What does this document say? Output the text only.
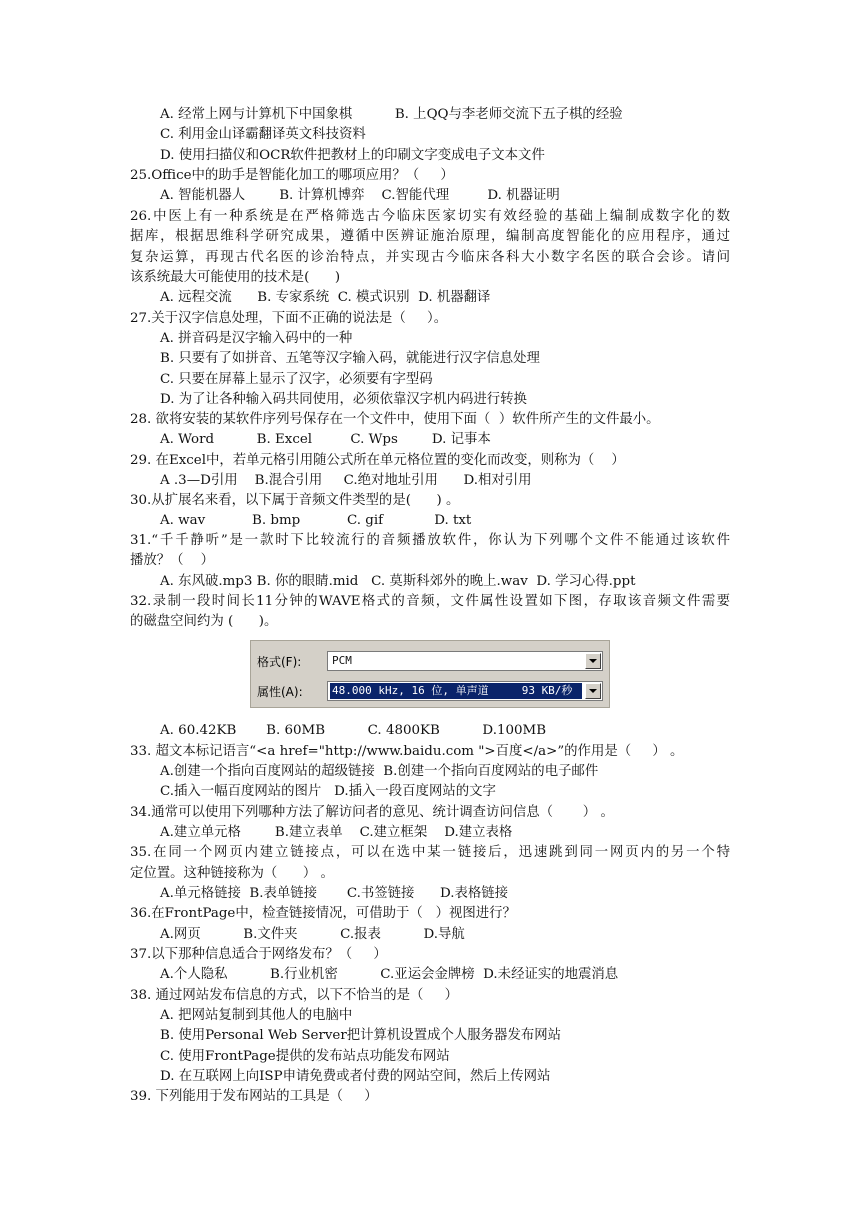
A. 经常上网与计算机下中国象棋          B. 上QQ与李老师交流下五子棋的经验
C. 利用金山译霸翻译英文科技资料
D. 使用扫描仪和OCR软件把教材上的印刷文字变成电子文本文件
25.Office中的助手是智能化加工的哪项应用？（     ）
A. 智能机器人        B. 计算机博弈    C.智能代理         D. 机器证明
26.中医上有一种系统是在严格筛选古今临床医家切实有效经验的基础上编制成数字化的数
据库，根据思维科学研究成果，遵循中医辨证施治原理，编制高度智能化的应用程序，通过
复杂运算，再现古代名医的诊治特点，并实现古今临床各科大小数字名医的联合会诊。请问
该系统最大可能使用的技术是(      )
A. 远程交流      B. 专家系统  C. 模式识别  D. 机器翻译
27.关于汉字信息处理，下面不正确的说法是（     ）。
A. 拼音码是汉字输入码中的一种
B. 只要有了如拼音、五笔等汉字输入码，就能进行汉字信息处理
C. 只要在屏幕上显示了汉字，必须要有字型码
D. 为了让各种输入码共同使用，必须依靠汉字机内码进行转换
28. 欲将安装的某软件序列号保存在一个文件中，使用下面（  ）软件所产生的文件最小。
A. Word          B. Excel         C. Wps        D. 记事本
29. 在Excel中，若单元格引用随公式所在单元格位置的变化而改变，则称为（    ）
A .3—D引用    B.混合引用     C.绝对地址引用      D.相对引用
30.从扩展名来看，以下属于音频文件类型的是(      ) 。
A. wav           B. bmp           C. gif            D. txt
31.“千千静听”是一款时下比较流行的音频播放软件，你认为下列哪个文件不能通过该软件
播放？（    ）
A. 东风破.mp3 B. 你的眼睛.mid   C. 莫斯科郊外的晚上.wav  D. 学习心得.ppt
32.录制一段时间长11分钟的WAVE格式的音频，文件属性设置如下图，存取该音频文件需要
的磁盘空间约为 (      )。
格式(F):	PCM
属性(A):	48.000 kHz, 16 位, 单声道     93 KB/秒
A. 60.42KB       B. 60MB          C. 4800KB          D.100MB
33. 超文本标记语言“<a href="http://www.baidu.com ">百度</a>”的作用是（     ） 。
A.创建一个指向百度网站的超级链接  B.创建一个指向百度网站的电子邮件
C.插入一幅百度网站的图片   D.插入一段百度网站的文字
34.通常可以使用下列哪种方法了解访问者的意见、统计调查访问信息（       ） 。
A.建立单元格        B.建立表单    C.建立框架    D.建立表格
35.在同一个网页内建立链接点，可以在选中某一链接后，迅速跳到同一网页内的另一个特
定位置。这种链接称为（      ） 。
A.单元格链接  B.表单链接       C.书签链接      D.表格链接
36.在FrontPage中，检查链接情况，可借助于（   ）视图进行？
A.网页          B.文件夹          C.报表          D.导航
37.以下那种信息适合于网络发布？（     ）
A.个人隐私          B.行业机密          C.亚运会金牌榜  D.未经证实的地震消息
38. 通过网站发布信息的方式，以下不恰当的是（     ）
A. 把网站复制到其他人的电脑中
B. 使用Personal Web Server把计算机设置成个人服务器发布网站
C. 使用FrontPage提供的发布站点功能发布网站
D. 在互联网上向ISP申请免费或者付费的网站空间，然后上传网站
39. 下列能用于发布网站的工具是（     ）
